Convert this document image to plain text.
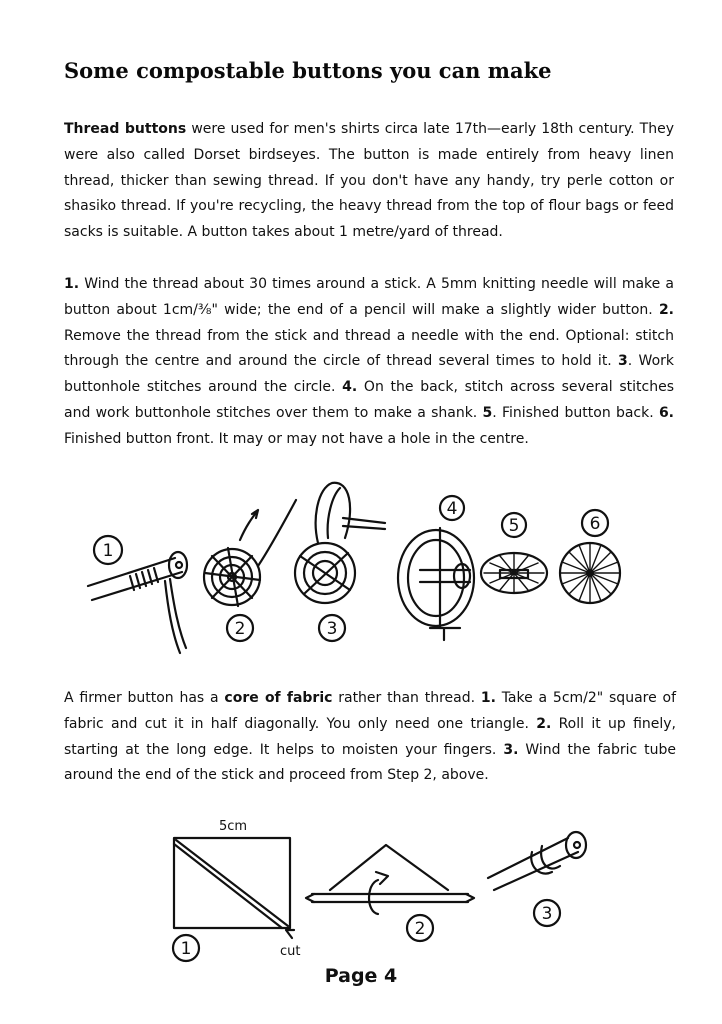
Some compostable buttons you can make

Thread buttons were used for men's shirts circa late 17th—early 18th century. They were also called Dorset birdseyes. The button is made entirely from heavy linen thread, thicker than sewing thread. If you don't have any handy, try perle cotton or shasiko thread. If you're recycling, the heavy thread from the top of flour bags or feed sacks is suitable. A button takes about 1 metre/yard of thread.

1. Wind the thread about 30 times around a stick. A 5mm knitting needle will make a button about 1cm/⅜" wide; the end of a pencil will make a slightly wider button. 2. Remove the thread from the stick and thread a needle with the end. Optional: stitch through the centre and around the circle of thread several times to hold it. 3. Work buttonhole stitches around the circle. 4. On the back, stitch across several stitches and work buttonhole stitches over them to make a shank. 5. Finished button back. 6. Finished button front. It may or may not have a hole in the centre.

1
2	3
4
5	6

A firmer button has a core of fabric rather than thread. 1. Take a 5cm/2" square of fabric and cut it in half diagonally. You only need one triangle. 2. Roll it up finely, starting at the long edge. It helps to moisten your fingers. 3. Wind the fabric tube around the end of the stick and proceed from Step 2, above.

5cm
cut
1
2
3
Page 4
